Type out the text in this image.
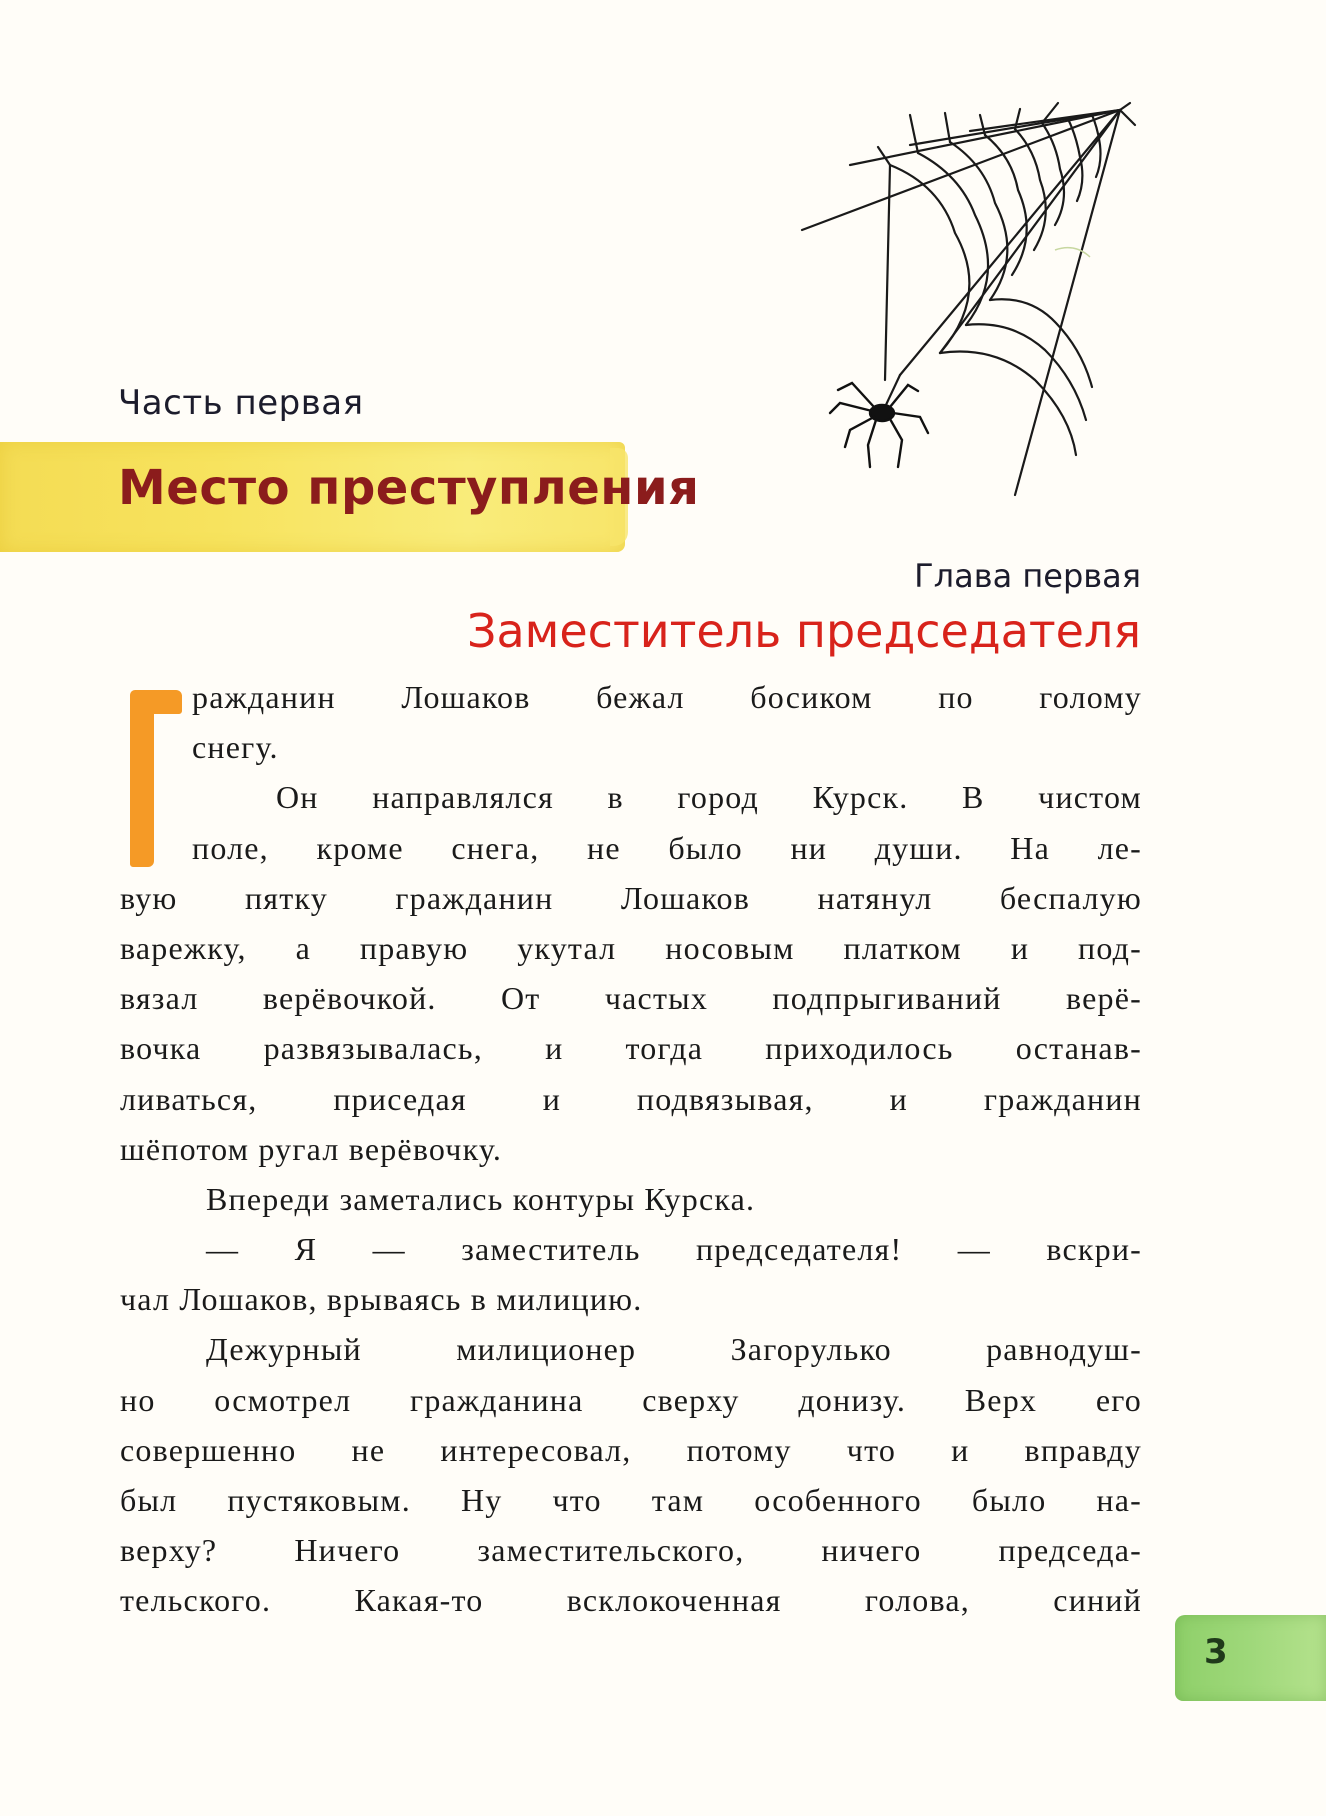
Часть первая
Место преступления
Глава первая
Заместитель председателя
ражданин Лошаков бежал босиком по голому
снегу.
Он направлялся в город Курск. В чистом
поле, кроме снега, не было ни души. На ле-
вую пятку гражданин Лошаков натянул беспалую
варежку, а правую укутал носовым платком и под-
вязал верёвочкой. От частых подпрыгиваний верё-
вочка развязывалась, и тогда приходилось останав-
ливаться, приседая и подвязывая, и гражданин
шёпотом ругал верёвочку.
Впереди заметались контуры Курска.
— Я — заместитель председателя! — вскри-
чал Лошаков, врываясь в милицию.
Дежурный милиционер Загорулько равнодуш-
но осмотрел гражданина сверху донизу. Верх его
совершенно не интересовал, потому что и вправду
был пустяковым. Ну что там особенного было на-
верху? Ничего заместительского, ничего председа-
тельского. Какая-то всклокоченная голова, синий
3
